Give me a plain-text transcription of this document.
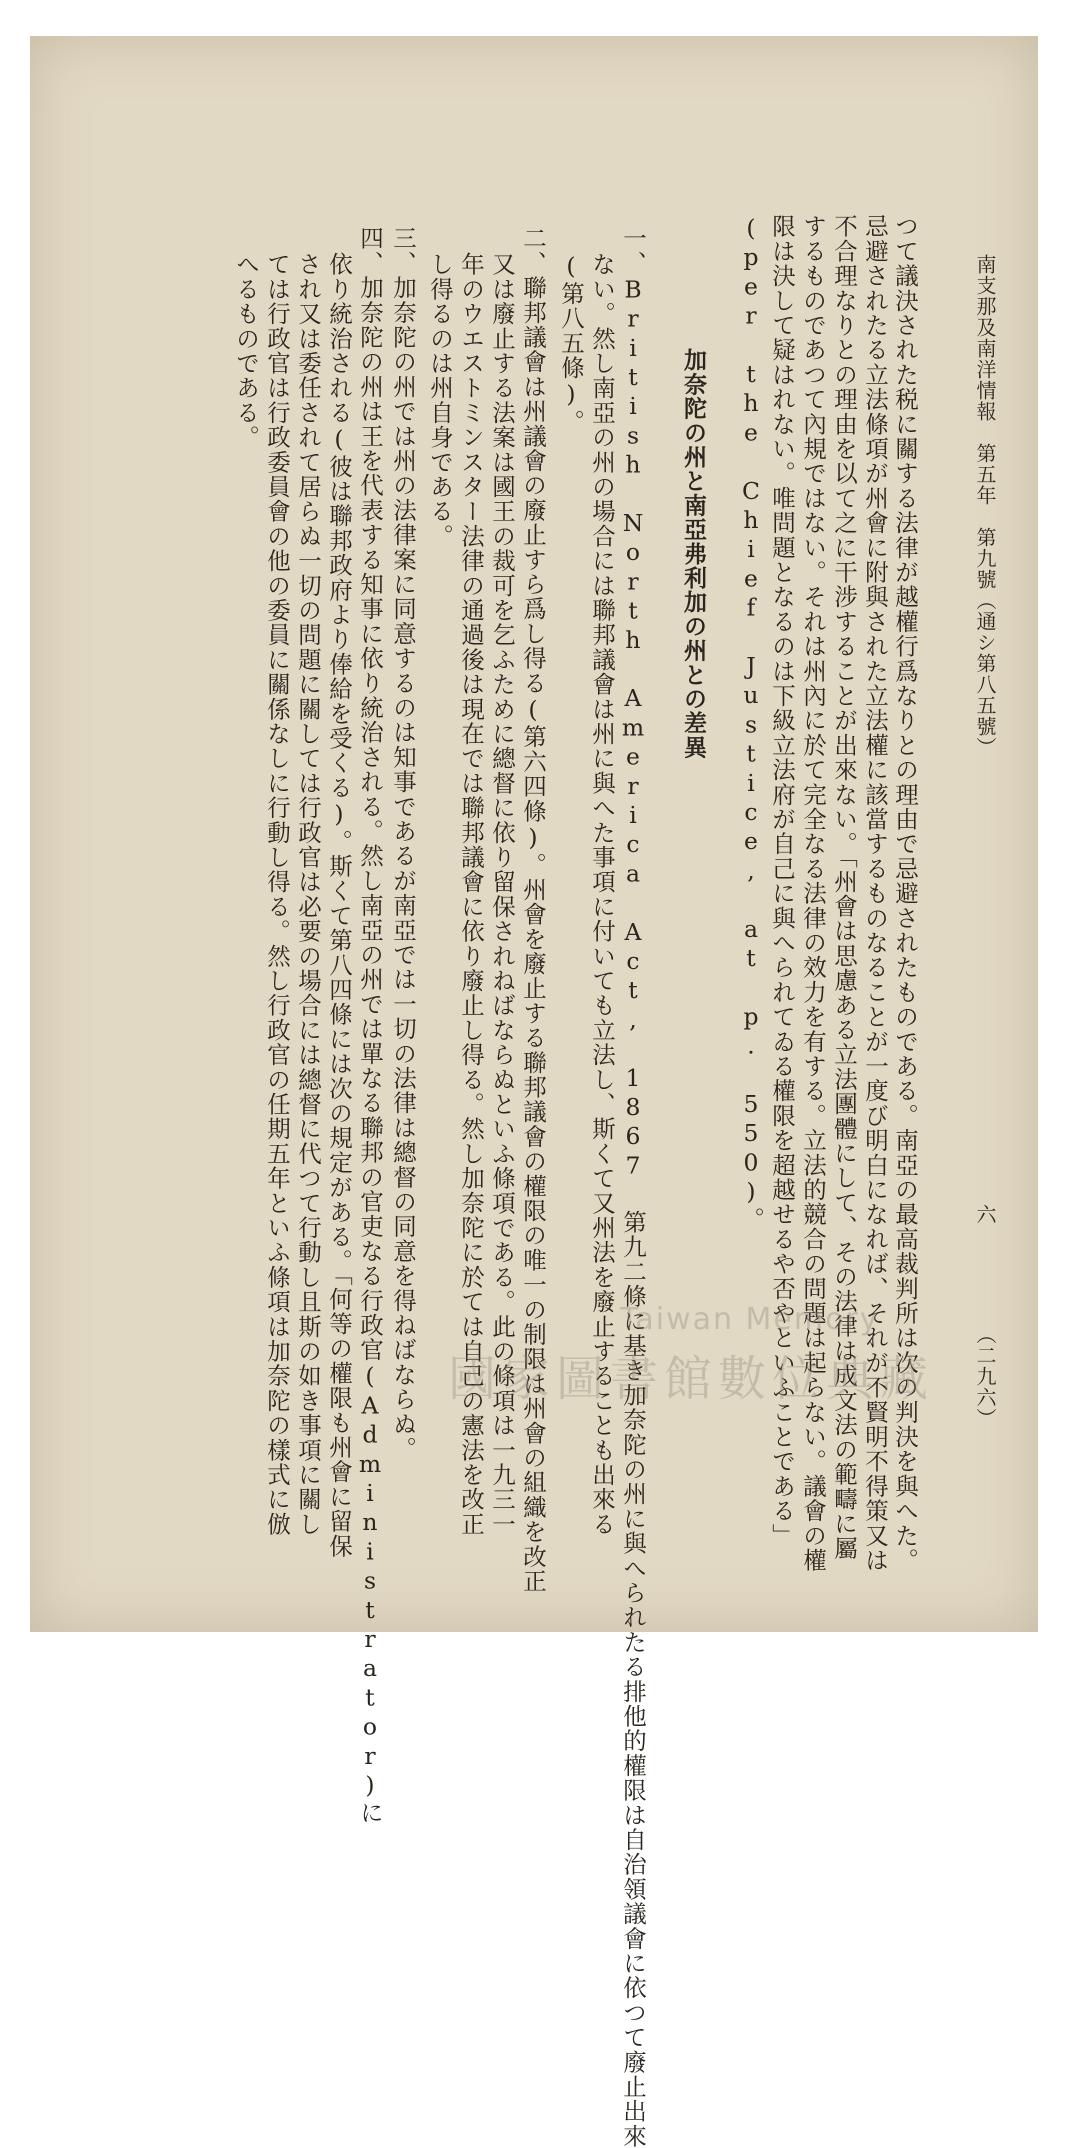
南支那及南洋情報　第五年　第九號（通シ第八五號）
六
（二九六）
つて議決された税に關する法律が越權行爲なりとの理由で忌避されたものである。南亞の最高裁判所は次の判決を與へた。
忌避されたる立法條項が州會に附與された立法權に該當するものなることが一度び明白になれば、それが不賢明不得策又は
不合理なりとの理由を以て之に干涉することが出來ない。「州會は思慮ある立法團體にして、その法律は成文法の範疇に屬
するものであつて內規ではない。それは州內に於て完全なる法律の效力を有する。立法的競合の問題は起らない。議會の權
限は決して疑はれない。唯問題となるのは下級立法府が自己に與へられてゐる權限を超越せるや否やといふことである」
(per the Chief Justice, at p. 550)。
加奈陀の州と南亞弗利加の州との差異
一、British North America Act, 1867 第九二條に基き加奈陀の州に與へられたる排他的權限は自治領議會に依つて廢止出來
ない。然し南亞の州の場合には聯邦議會は州に與へた事項に付いても立法し、斯くて又州法を廢止することも出來る
(第八五條)。
二、聯邦議會は州議會の廢止すら爲し得る(第六四條)。州會を廢止する聯邦議會の權限の唯一の制限は州會の組織を改正
又は廢止する法案は國王の裁可を乞ふために總督に依り留保されねばならぬといふ條項である。此の條項は一九三一
年のウエストミンスター法律の通過後は現在では聯邦議會に依り廢止し得る。然し加奈陀に於ては自己の憲法を改正
し得るのは州自身である。
三、加奈陀の州では州の法律案に同意するのは知事であるが南亞では一切の法律は總督の同意を得ねばならぬ。
四、加奈陀の州は王を代表する知事に依り統治される。然し南亞の州では單なる聯邦の官吏なる行政官(Administrator)に
依り統治される(彼は聯邦政府より俸給を受くる)。斯くて第八四條には次の規定がある。「何等の權限も州會に留保
され又は委任されて居らぬ一切の問題に關しては行政官は必要の場合には總督に代つて行動し且斯の如き事項に關し
ては行政官は行政委員會の他の委員に關係なしに行動し得る。然し行政官の任期五年といふ條項は加奈陀の樣式に倣
へるものである。
Taiwan Memory
國家圖書館數位典藏
